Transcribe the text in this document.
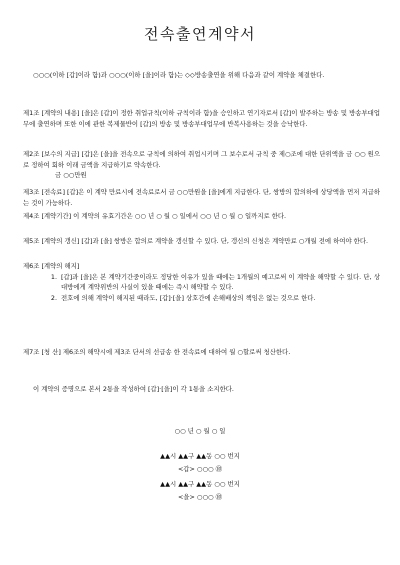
전속출연계약서

○○○(이하 [갑]이라 함)과 ○○○(이하 [을]이라 함)는 ◇◇방송출연을 위해 다음과 같이 계약을 체결한다.

제1조 [계약의 내용] [을]은 [갑]이 정한 취업규칙(이하 규칙이라 함)을 승인하고 연기자로서 [갑]이 발주하는 방송 및 방송부대업무에 출연하며 또한 이에 관한 복제물반이 [갑]의 방송 및 방송부대업무에 반복사용하는 것을 승낙한다.

제2조 [보수의 지급] [갑]은 [을]을 전속으로 규칙에 의하여 취업시키며 그 보수로서 규칙 중 제○조에 대한 단위액을 금 ○○ 원으로 정하여 회하 이래 금액을 지급하기로 약속한다.

금 ○○만원

제3조 [전속료] [갑]은 이 계약 만료시에 전속료로서 금 ○○만원을 [을]에게 지급한다. 단, 쌍방의 합의하에 상당액을 먼저 지급하는 것이 가능하다.

제4조 [계약기간] 이 계약의 유효기간은 ○○ 년 ○ 월 ○ 일에서 ○○ 년 ○ 월 ○ 일까지로 한다.

제5조 [계약의 갱신] [갑]과 [을] 쌍방은 합의로 계약을 갱신할 수 있다. 단, 갱신의 신청은 계약만료 ○개월 전에 하여야 한다.

제6조 [계약의 해지]

1. [갑]과 [을]은 본 계약기간중이라도 정당한 이유가 있을 때에는 1개월의 예고로써 이 계약을 해약할 수 있다. 단, 상대방에게 계약위반의 사실이 있을 때에는 즉시 해약할 수 있다.
2. 전호에 의해 계약이 해지된 때라도, [갑]·[을] 상호간에 손해배상의 책임은 없는 것으로 한다.

제7조 [청 산] 제6조의 해약시에 제3조 단서의 선급송 한 전속료에 대하여 월 ○할로써 청산한다.

이 계약의 증명으로 본서 2통을 작성하여 [갑]·[을]이 각 1통을 소지한다.

○○ 년 ○ 월 ○ 일
▲▲시 ▲▲구 ▲▲동 ○○ 번지
<갑> ○○○ ㊞
▲▲시 ▲▲구 ▲▲동 ○○ 번지
<을> ○○○ ㊞
